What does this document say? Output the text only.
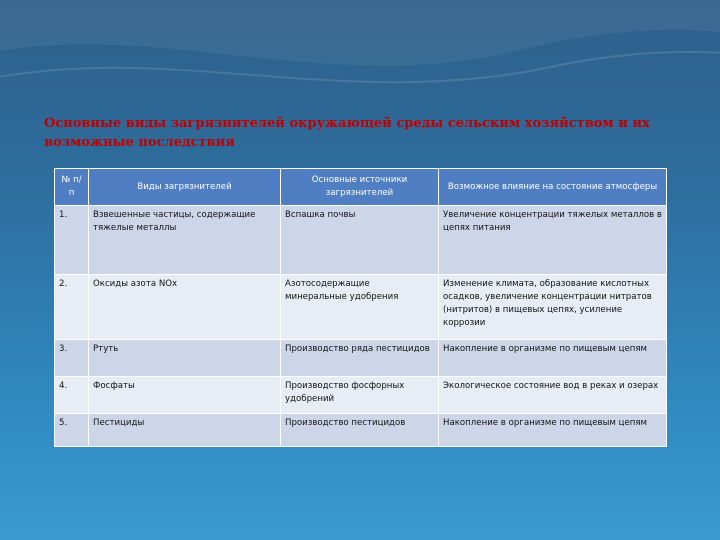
Основные виды загрязнителей окружающей среды сельским хозяйством и их возможные последствия
№ п/п	Виды загрязнителей	Основные источники загрязнителей	Возможное влияние на состояние атмосферы
1.	Взвешенные частицы, содержащие тяжелые металлы	Вспашка почвы	Увеличение концентрации тяжелых металлов в цепях питания
2.	Оксиды азота NOx	Азотосодержащие минеральные удобрения	Изменение климата, образование кислотных осадков, увеличение концентрации нитратов (нитритов) в пищевых цепях, усиление коррозии
3.	Ртуть	Производство ряда пестицидов	Накопление в организме по пищевым цепям
4.	Фосфаты	Производство фосфорных удобрений	Экологическое состояние вод в реках и озерах
5.	Пестициды	Производство пестицидов	Накопление в организме по пищевым цепям
